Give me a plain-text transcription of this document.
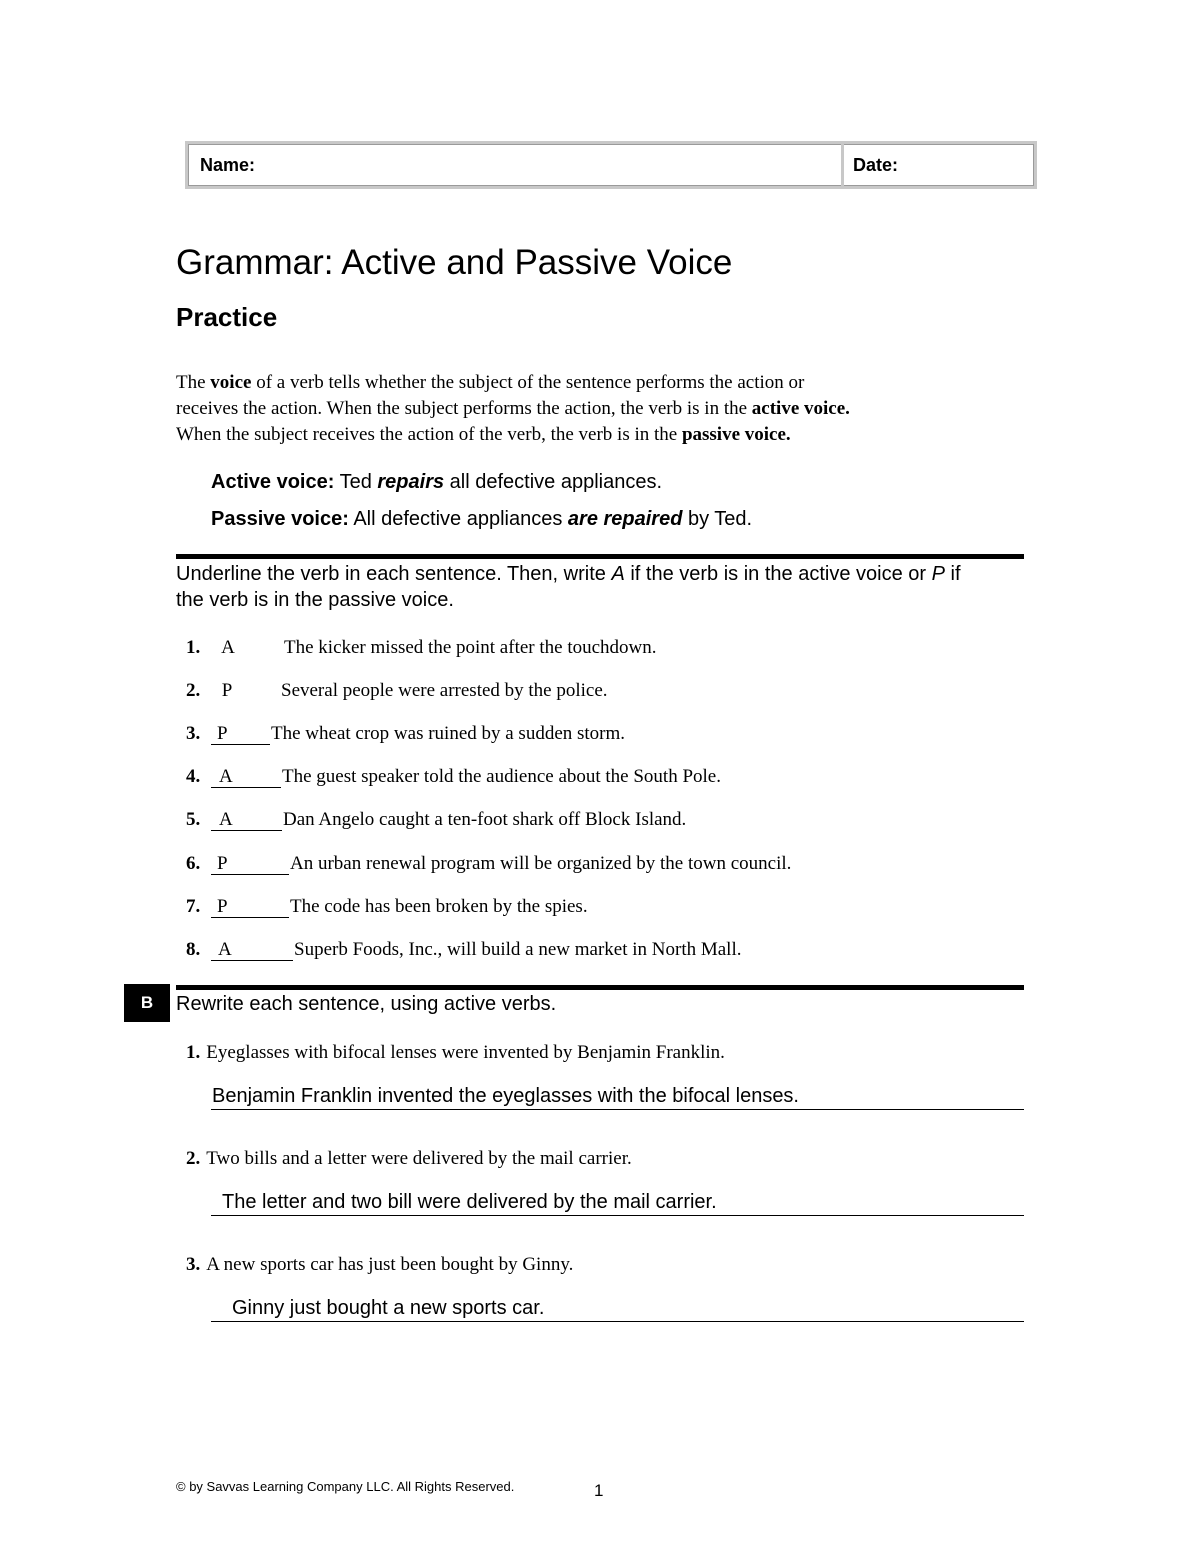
Name:	Date:
Grammar: Active and Passive Voice
Practice
The voice of a verb tells whether the subject of the sentence performs the action or
receives the action. When the subject performs the action, the verb is in the active voice.
When the subject receives the action of the verb, the verb is in the passive voice.
Active voice: Ted repairs all defective appliances.
Passive voice: All defective appliances are repaired by Ted.
Underline the verb in each sentence. Then, write A if the verb is in the active voice or P if
the verb is in the passive voice.
1.	A	The kicker missed the point after the touchdown.
2.	P	Several people were arrested by the police.
3. P	The wheat crop was ruined by a sudden storm.
4. A	The guest speaker told the audience about the South Pole.
5. A	Dan Angelo caught a ten-foot shark off Block Island.
6. P	An urban renewal program will be organized by the town council.
7. P	The code has been broken by the spies.
8. A	Superb Foods, Inc., will build a new market in North Mall.
B	Rewrite each sentence, using active verbs.
1. Eyeglasses with bifocal lenses were invented by Benjamin Franklin.
Benjamin Franklin invented the eyeglasses with the bifocal lenses.
2. Two bills and a letter were delivered by the mail carrier.
The letter and two bill were delivered by the mail carrier.
3. A new sports car has just been bought by Ginny.
Ginny just bought a new sports car.
© by Savvas Learning Company LLC. All Rights Reserved.	1
